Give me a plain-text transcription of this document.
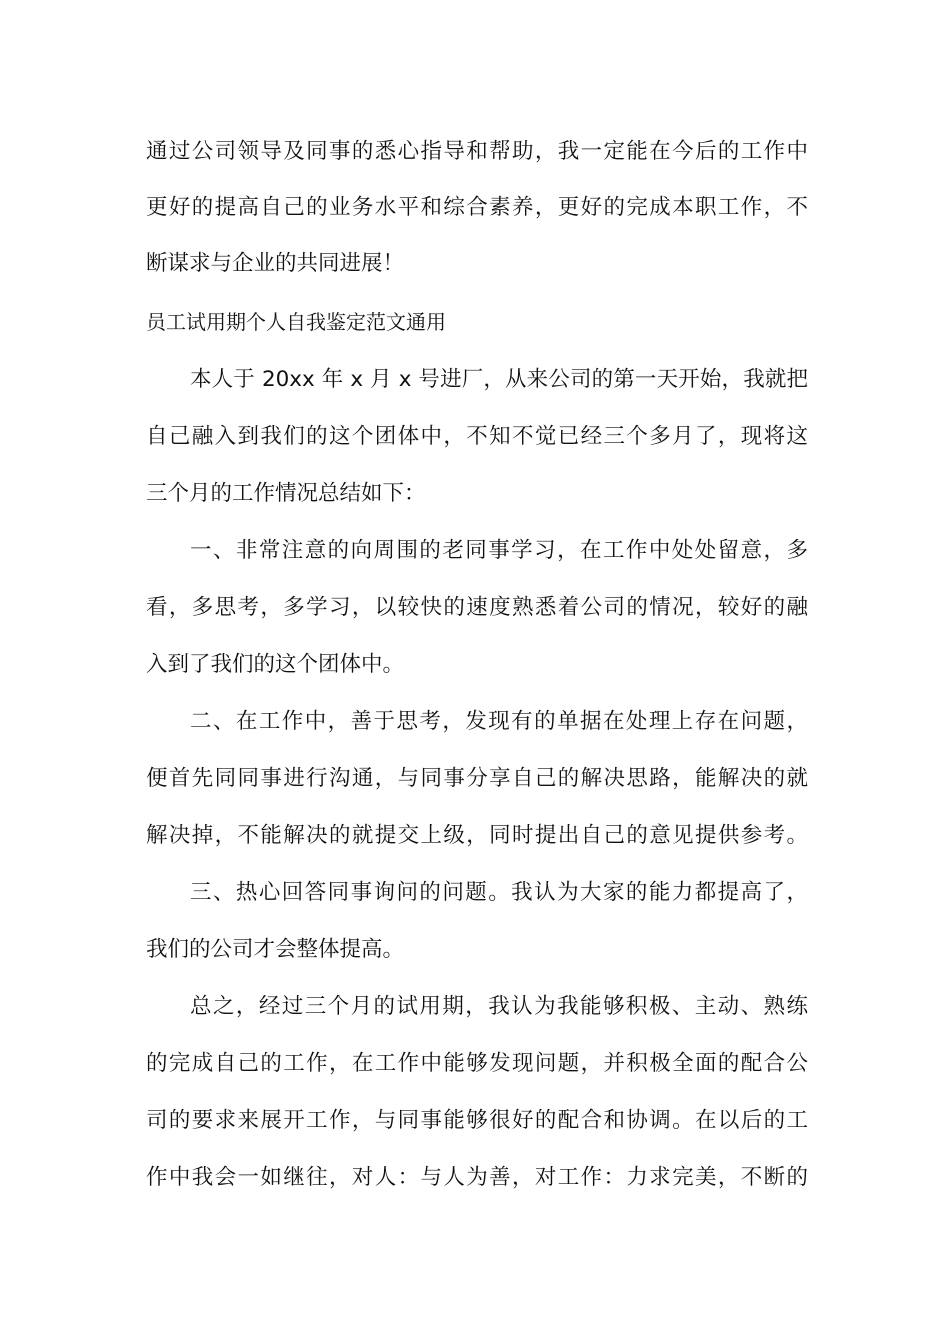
通过公司领导及同事的悉心指导和帮助，我一定能在今后的工作中
更好的提高自己的业务水平和综合素养，更好的完成本职工作，不
断谋求与企业的共同进展！
员工试用期个人自我鉴定范文通用
本人于 20xx 年 x 月 x 号进厂，从来公司的第一天开始，我就把
自己融入到我们的这个团体中，不知不觉已经三个多月了，现将这
三个月的工作情况总结如下：
一、非常注意的向周围的老同事学习，在工作中处处留意，多
看，多思考，多学习，以较快的速度熟悉着公司的情况，较好的融
入到了我们的这个团体中。
二、在工作中，善于思考，发现有的单据在处理上存在问题，
便首先同同事进行沟通，与同事分享自己的解决思路，能解决的就
解决掉，不能解决的就提交上级，同时提出自己的意见提供参考。
三、热心回答同事询问的问题。我认为大家的能力都提高了，
我们的公司才会整体提高。
总之，经过三个月的试用期，我认为我能够积极、主动、熟练
的完成自己的工作，在工作中能够发现问题，并积极全面的配合公
司的要求来展开工作，与同事能够很好的配合和协调。在以后的工
作中我会一如继往，对人：与人为善，对工作：力求完美，不断的
